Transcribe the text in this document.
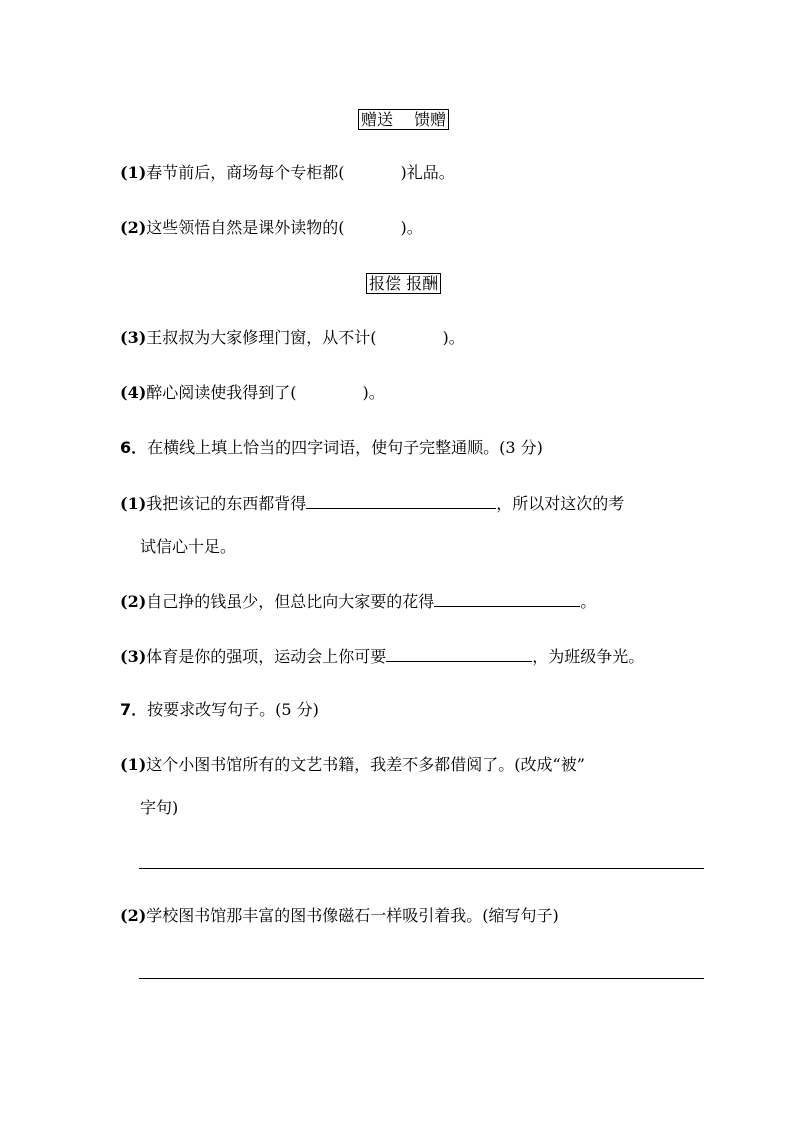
赠送　 馈赠
(1)春节前后，商场每个专柜都(	)礼品。
(2)这些领悟自然是课外读物的(	)。
报偿 报酬
(3)王叔叔为大家修理门窗，从不计(	)。
(4)醉心阅读使我得到了(	)。
6．在横线上填上恰当的四字词语，使句子完整通顺。(3 分)
(1)我把该记的东西都背得	，所以对这次的考
试信心十足。
(2)自己挣的钱虽少，但总比向大家要的花得	。
(3)体育是你的强项，运动会上你可要	，为班级争光。
7．按要求改写句子。(5 分)
(1)这个小图书馆所有的文艺书籍，我差不多都借阅了。(改成“被”
字句)
(2)学校图书馆那丰富的图书像磁石一样吸引着我。(缩写句子)
